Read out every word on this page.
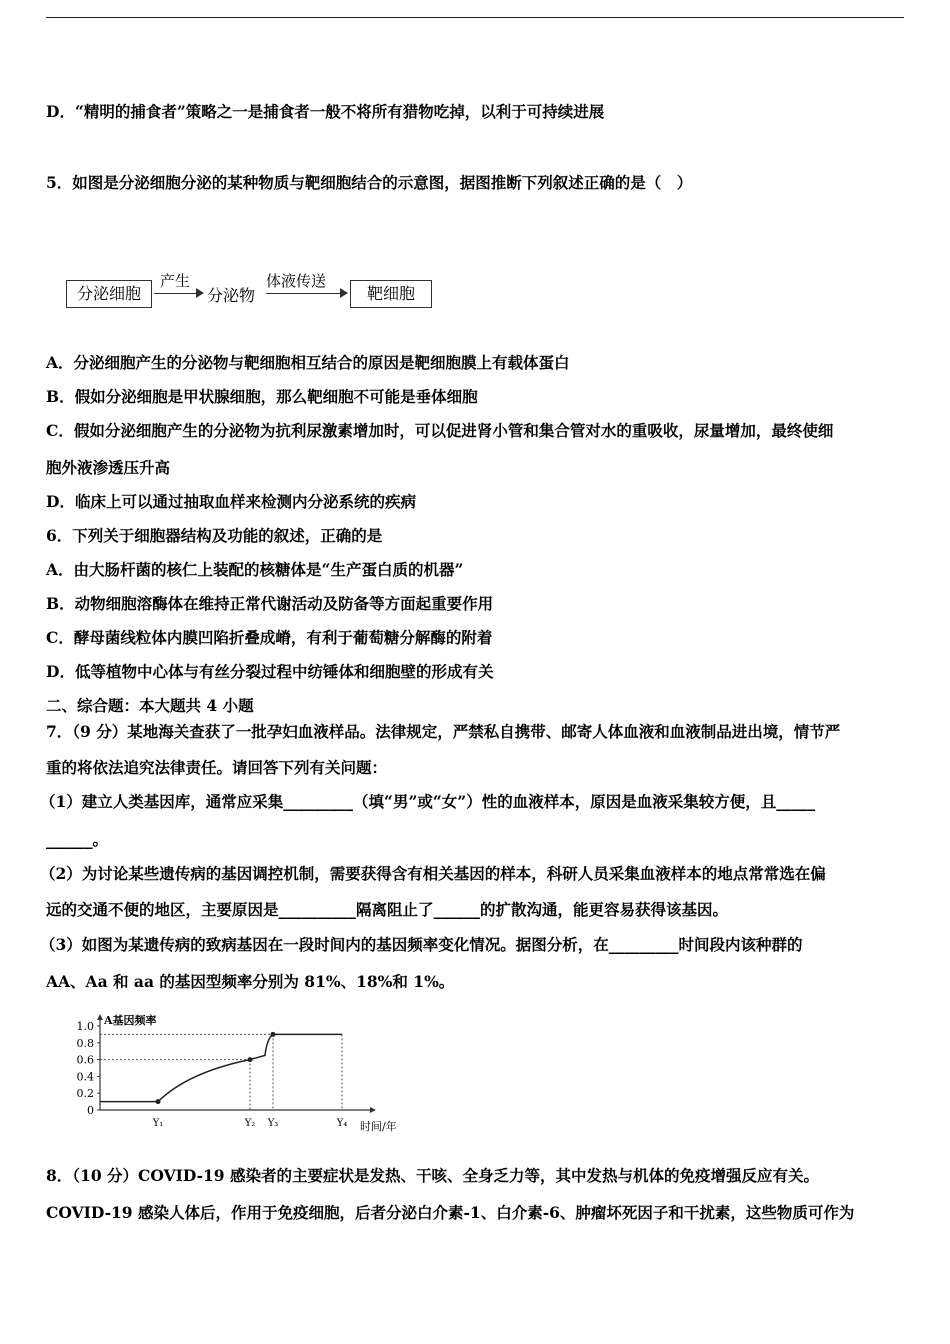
D．“精明的捕食者”策略之一是捕食者一般不将所有猎物吃掉，以利于可持续进展
5．如图是分泌细胞分泌的某种物质与靶细胞结合的示意图，据图推断下列叙述正确的是（　）
分泌细胞
产生
分泌物
体液传送
靶细胞
A．分泌细胞产生的分泌物与靶细胞相互结合的原因是靶细胞膜上有载体蛋白
B．假如分泌细胞是甲状腺细胞，那么靶细胞不可能是垂体细胞
C．假如分泌细胞产生的分泌物为抗利尿激素增加时，可以促进肾小管和集合管对水的重吸收，尿量增加，最终使细
胞外液渗透压升高
D．临床上可以通过抽取血样来检测内分泌系统的疾病
6．下列关于细胞器结构及功能的叙述，正确的是
A．由大肠杆菌的核仁上装配的核糖体是“生产蛋白质的机器”
B．动物细胞溶酶体在维持正常代谢活动及防备等方面起重要作用
C．酵母菌线粒体内膜凹陷折叠成嵴，有利于葡萄糖分解酶的附着
D．低等植物中心体与有丝分裂过程中纺锤体和细胞壁的形成有关
二、综合题：本大题共 4 小题
7．（9 分）某地海关查获了一批孕妇血液样品。法律规定，严禁私自携带、邮寄人体血液和血液制品进出境，情节严
重的将依法追究法律责任。请回答下列有关问题：
（1）建立人类基因库，通常应采集_________（填“男”或“女”）性的血液样本，原因是血液采集较方便，且_____
______。
（2）为讨论某些遗传病的基因调控机制，需要获得含有相关基因的样本，科研人员采集血液样本的地点常常选在偏
远的交通不便的地区，主要原因是__________隔离阻止了______的扩散沟通，能更容易获得该基因。
（3）如图为某遗传病的致病基因在一段时间内的基因频率变化情况。据图分析，在_________时间段内该种群的
AA、Aa 和 aa 的基因型频率分别为 81%、18%和 1%。
A基因频率
时间/年
1.0
0.8
0.6
0.4
0.2
0
Y₁	Y₂ Y₃	Y₄
8．（10 分）COVID-19 感染者的主要症状是发热、干咳、全身乏力等，其中发热与机体的免疫增强反应有关。
COVID-19 感染人体后，作用于免疫细胞，后者分泌白介素-1、白介素-6、肿瘤坏死因子和干扰素，这些物质可作为
